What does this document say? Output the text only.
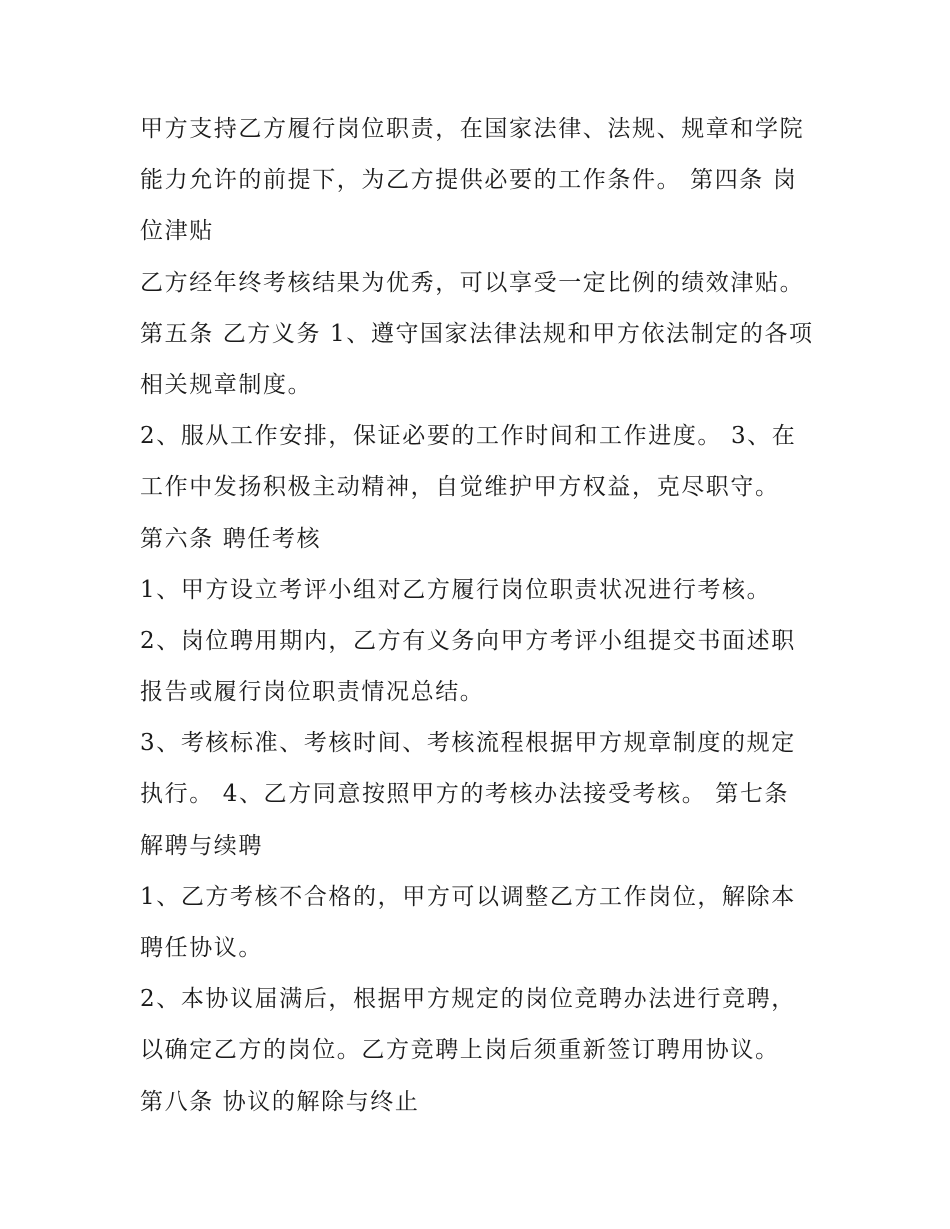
甲方支持乙方履行岗位职责，在国家法律、法规、规章和学院
能力允许的前提下，为乙方提供必要的工作条件。 第四条 岗
位津贴
乙方经年终考核结果为优秀，可以享受一定比例的绩效津贴。
第五条 乙方义务 1、遵守国家法律法规和甲方依法制定的各项
相关规章制度。
2、服从工作安排，保证必要的工作时间和工作进度。 3、在
工作中发扬积极主动精神，自觉维护甲方权益，克尽职守。
第六条 聘任考核
1、甲方设立考评小组对乙方履行岗位职责状况进行考核。
2、岗位聘用期内，乙方有义务向甲方考评小组提交书面述职
报告或履行岗位职责情况总结。
3、考核标准、考核时间、考核流程根据甲方规章制度的规定
执行。 4、乙方同意按照甲方的考核办法接受考核。 第七条
解聘与续聘
1、乙方考核不合格的，甲方可以调整乙方工作岗位，解除本
聘任协议。
2、本协议届满后，根据甲方规定的岗位竞聘办法进行竞聘，
以确定乙方的岗位。乙方竞聘上岗后须重新签订聘用协议。
第八条 协议的解除与终止
